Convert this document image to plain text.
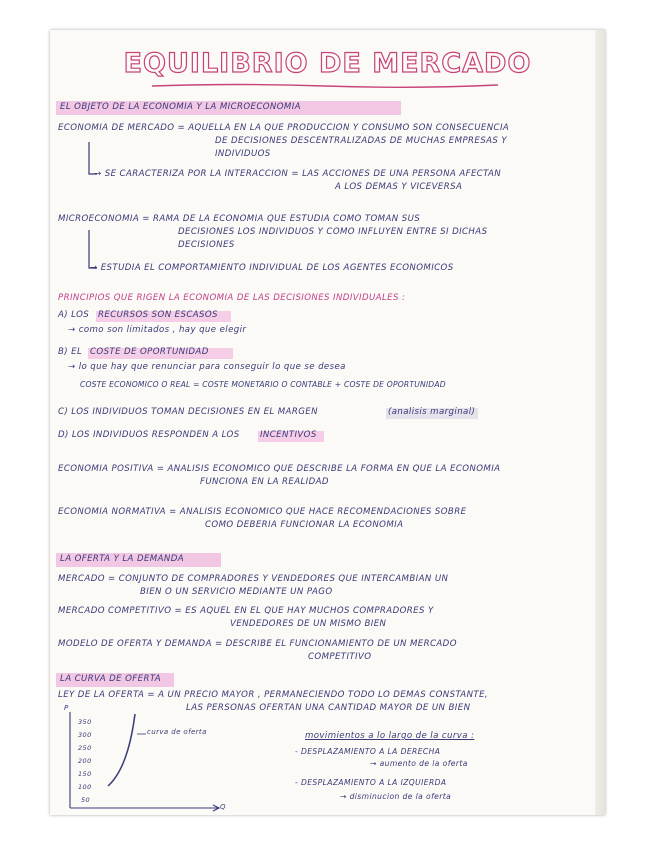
EQUILIBRIO DE MERCADO
EL OBJETO DE LA ECONOMIA Y LA MICROECONOMIA
ECONOMIA DE MERCADO = AQUELLA EN LA QUE PRODUCCION Y CONSUMO SON CONSECUENCIA
DE DECISIONES DESCENTRALIZADAS DE MUCHAS EMPRESAS Y
INDIVIDUOS
→ SE CARACTERIZA POR LA INTERACCION = LAS ACCIONES DE UNA PERSONA AFECTAN
A LOS DEMAS Y VICEVERSA
MICROECONOMIA = RAMA DE LA ECONOMIA QUE ESTUDIA COMO TOMAN SUS
DECISIONES LOS INDIVIDUOS Y COMO INFLUYEN ENTRE SI DICHAS
DECISIONES
→ ESTUDIA EL COMPORTAMIENTO INDIVIDUAL DE LOS AGENTES ECONOMICOS
PRINCIPIOS QUE RIGEN LA ECONOMIA DE LAS DECISIONES INDIVIDUALES :
A) LOS RECURSOS SON ESCASOS
→ como son limitados , hay que elegir
B) EL COSTE DE OPORTUNIDAD
→ lo que hay que renunciar para conseguir lo que se desea
COSTE ECONOMICO O REAL = COSTE MONETARIO O CONTABLE + COSTE DE OPORTUNIDAD
C) LOS INDIVIDUOS TOMAN DECISIONES EN EL MARGEN	(analisis marginal)
D) LOS INDIVIDUOS RESPONDEN A LOS INCENTIVOS
ECONOMIA POSITIVA = ANALISIS ECONOMICO QUE DESCRIBE LA FORMA EN QUE LA ECONOMIA
FUNCIONA EN LA REALIDAD
ECONOMIA NORMATIVA = ANALISIS ECONOMICO QUE HACE RECOMENDACIONES SOBRE
COMO DEBERIA FUNCIONAR LA ECONOMIA
LA OFERTA Y LA DEMANDA
MERCADO = CONJUNTO DE COMPRADORES Y VENDEDORES QUE INTERCAMBIAN UN
BIEN O UN SERVICIO MEDIANTE UN PAGO
MERCADO COMPETITIVO = ES AQUEL EN EL QUE HAY MUCHOS COMPRADORES Y
VENDEDORES DE UN MISMO BIEN
MODELO DE OFERTA Y DEMANDA = DESCRIBE EL FUNCIONAMIENTO DE UN MERCADO
COMPETITIVO
LA CURVA DE OFERTA
LEY DE LA OFERTA = A UN PRECIO MAYOR , PERMANECIENDO TODO LO DEMAS CONSTANTE,
LAS PERSONAS OFERTAN UNA CANTIDAD MAYOR DE UN BIEN
P
Q
350
300
250
200
150
100
50
curva de oferta	movimientos a lo largo de la curva :
- DESPLAZAMIENTO A LA DERECHA
→ aumento de la oferta
- DESPLAZAMIENTO A LA IZQUIERDA
→ disminucion de la oferta
